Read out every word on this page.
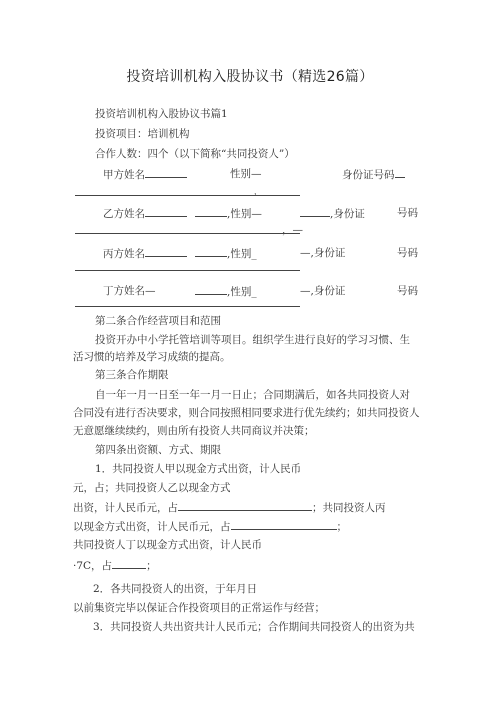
投资培训机构入股协议书（精选26篇）
投资培训机构入股协议书篇1
投资项目：培训机构
合作人数：四个（以下简称“共同投资人”）
甲方姓名	性别—	身份证号码
，
乙方姓名	,性别—	,身份证	号码
，—
丙方姓名	,性别_	—,身份证	号码
丁方姓名—	,性别_	—,身份证	号码
第二条合作经营项目和范围
投资开办中小学托管培训等项目。组织学生进行良好的学习习惯、生
活习惯的培养及学习成绩的提高。
第三条合作期限
自一年一月一日至一年一月一日止；合同期满后，如各共同投资人对
合同没有进行否决要求，则合同按照相同要求进行优先续约；如共同投资人
无意愿继续续约，则由所有投资人共同商议并决策；
第四条出资额、方式、期限
1．共同投资人甲以现金方式出资，计人民币
元，占；共同投资人乙以现金方式
出资，计人民币元，占	；共同投资人丙
以现金方式出资，计人民币元，占	；
共同投资人丁以现金方式出资，计人民币
·7C，占	；
2．各共同投资人的出资，于年月日
以前集资完毕以保证合作投资项目的正常运作与经营；
3．共同投资人共出资共计人民币元；合作期间共同投资人的出资为共
